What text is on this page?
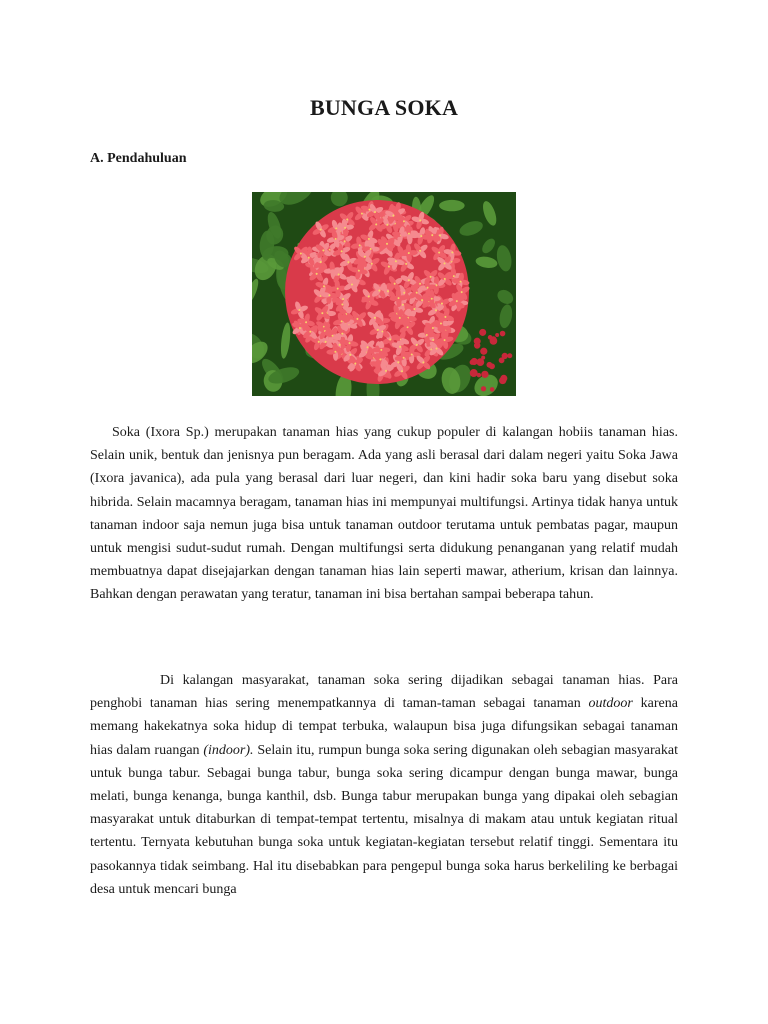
BUNGA SOKA
A. Pendahuluan

Soka (Ixora Sp.) merupakan tanaman hias yang cukup populer di kalangan hobiis tanaman hias. Selain unik, bentuk dan jenisnya pun beragam. Ada yang asli berasal dari dalam negeri yaitu Soka Jawa (Ixora javanica), ada pula yang berasal dari luar negeri, dan kini hadir soka baru yang disebut soka hibrida. Selain macamnya beragam, tanaman hias ini mempunyai multifungsi. Artinya tidak hanya untuk tanaman indoor saja nemun juga bisa untuk tanaman outdoor terutama untuk pembatas pagar, maupun untuk mengisi sudut-sudut rumah. Dengan multifungsi serta didukung penanganan yang relatif mudah membuatnya dapat disejajarkan dengan tanaman hias lain seperti mawar, atherium, krisan dan lainnya. Bahkan dengan perawatan yang teratur, tanaman ini bisa bertahan sampai beberapa tahun.

Di kalangan masyarakat, tanaman soka sering dijadikan sebagai tanaman hias. Para penghobi tanaman hias sering menempatkannya di taman-taman sebagai tanaman outdoor karena memang hakekatnya soka hidup di tempat terbuka, walaupun bisa juga difungsikan sebagai tanaman hias dalam ruangan (indoor). Selain itu, rumpun bunga soka sering digunakan oleh sebagian masyarakat untuk bunga tabur. Sebagai bunga tabur, bunga soka sering dicampur dengan bunga mawar, bunga melati, bunga kenanga, bunga kanthil, dsb. Bunga tabur merupakan bunga yang dipakai oleh sebagian masyarakat untuk ditaburkan di tempat-tempat tertentu, misalnya di makam atau untuk kegiatan ritual tertentu. Ternyata kebutuhan bunga soka untuk kegiatan-kegiatan tersebut relatif tinggi. Sementara itu pasokannya tidak seimbang. Hal itu disebabkan para pengepul bunga soka harus berkeliling ke berbagai desa untuk mencari bunga
